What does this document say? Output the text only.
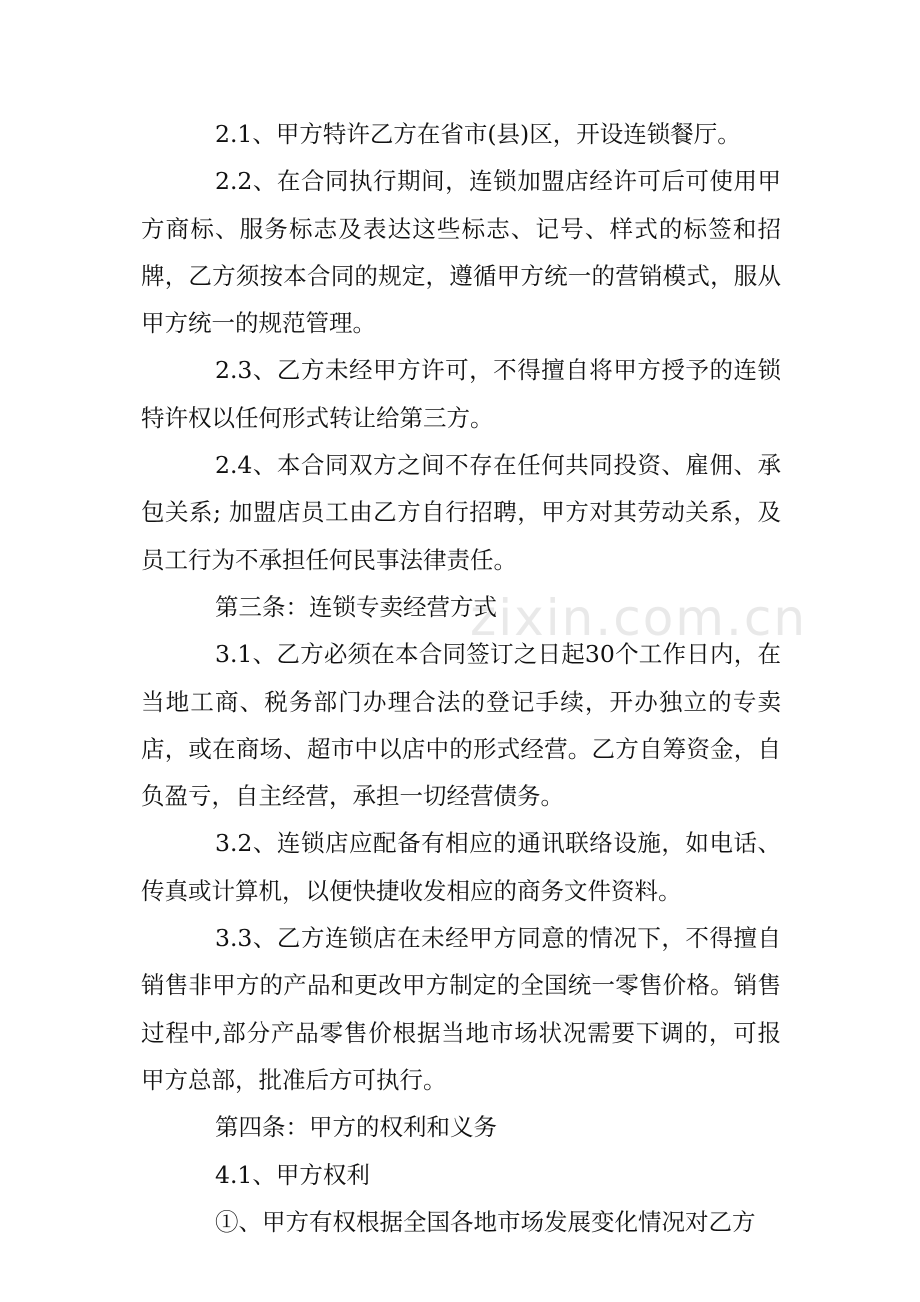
zixin.com.cn

2.1、甲方特许乙方在省市(县)区，开设连锁餐厅。

2.2、在合同执行期间，连锁加盟店经许可后可使用甲方商标、服务标志及表达这些标志、记号、样式的标签和招牌，乙方须按本合同的规定，遵循甲方统一的营销模式，服从甲方统一的规范管理。

2.3、乙方未经甲方许可，不得擅自将甲方授予的连锁特许权以任何形式转让给第三方。

2.4、本合同双方之间不存在任何共同投资、雇佣、承包关系; 加盟店员工由乙方自行招聘，甲方对其劳动关系，及员工行为不承担任何民事法律责任。

第三条：连锁专卖经营方式

3.1、乙方必须在本合同签订之日起30个工作日内，在当地工商、税务部门办理合法的登记手续，开办独立的专卖店，或在商场、超市中以店中的形式经营。乙方自筹资金，自负盈亏，自主经营，承担一切经营债务。

3.2、连锁店应配备有相应的通讯联络设施，如电话、传真或计算机，以便快捷收发相应的商务文件资料。

3.3、乙方连锁店在未经甲方同意的情况下，不得擅自销售非甲方的产品和更改甲方制定的全国统一零售价格。销售过程中,部分产品零售价根据当地市场状况需要下调的，可报甲方总部，批准后方可执行。

第四条：甲方的权利和义务

4.1、甲方权利

①、甲方有权根据全国各地市场发展变化情况对乙方
